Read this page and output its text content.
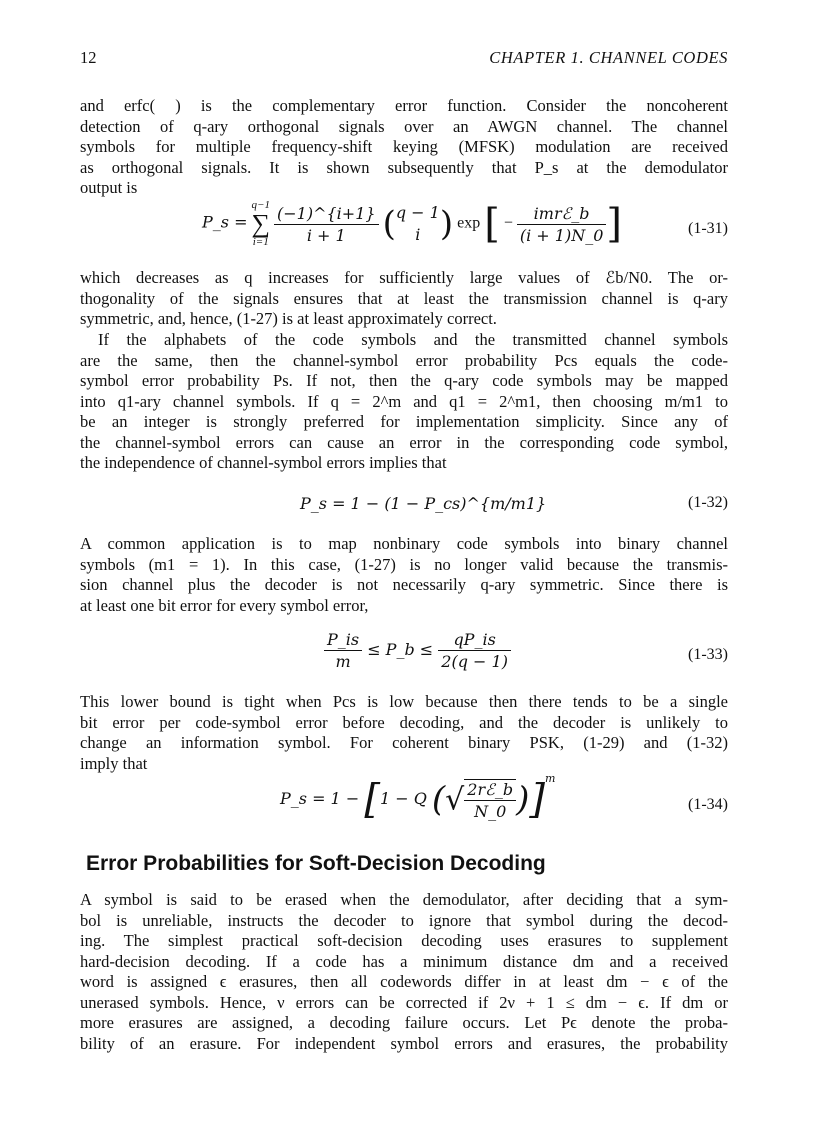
12	CHAPTER 1. CHANNEL CODES
and erfc( ) is the complementary error function. Consider the noncoherent
detection of q-ary orthogonal signals over an AWGN channel. The channel
symbols for multiple frequency-shift keying (MFSK) modulation are received
as orthogonal signals. It is shown subsequently that P_s at the demodulator
output is
P_s =
q−1
∑
i=1
$\frac{(-1)\^{}\{i+1\}}{i + 1}$ ( q − 1
i ) exp [ − $\frac{\text{imrℰ\_b}}{(i + 1)N\_0}$ ]	(1-31)
which decreases as q increases for sufficiently large values of ℰb/N0. The or-
thogonality of the signals ensures that at least the transmission channel is q-ary
symmetric, and, hence, (1-27) is at least approximately correct.
If the alphabets of the code symbols and the transmitted channel symbols
are the same, then the channel-symbol error probability Pcs equals the code-
symbol error probability Ps. If not, then the q-ary code symbols may be mapped
into q1-ary channel symbols. If q = 2^m and q1 = 2^m1, then choosing m/m1 to
be an integer is strongly preferred for implementation simplicity. Since any of
the channel-symbol errors can cause an error in the corresponding code symbol,
the independence of channel-symbol errors implies that
P_s = 1 − (1 − P_cs)^{m/m1}	(1-32)
A common application is to map nonbinary code symbols into binary channel
symbols (m1 = 1). In this case, (1-27) is no longer valid because the transmis-
sion channel plus the decoder is not necessarily q-ary symmetric. Since there is
at least one bit error for every symbol error,
$\frac{P\_is}{m}$ ≤ P_b ≤ $\frac{qP\_is}{2(q - 1)}$	(1-33)
This lower bound is tight when Pcs is low because then there tends to be a single
bit error per code-symbol error before decoding, and the decoder is unlikely to
change an information symbol. For coherent binary PSK, (1-29) and (1-32)
imply that
P_s = 1 − [1 − Q (√ $\frac{\text{2rℰ\_b}}{N\_0} )]^m$
(1-34)
Error Probabilities for Soft-Decision Decoding
A symbol is said to be erased when the demodulator, after deciding that a sym-
bol is unreliable, instructs the decoder to ignore that symbol during the decod-
ing. The simplest practical soft-decision decoding uses erasures to supplement
hard-decision decoding. If a code has a minimum distance dm and a received
word is assigned ϵ erasures, then all codewords differ in at least dm − ϵ of the
unerased symbols. Hence, ν errors can be corrected if 2ν + 1 ≤ dm − ϵ. If dm or
more erasures are assigned, a decoding failure occurs. Let Pϵ denote the proba-
bility of an erasure. For independent symbol errors and erasures, the probability
